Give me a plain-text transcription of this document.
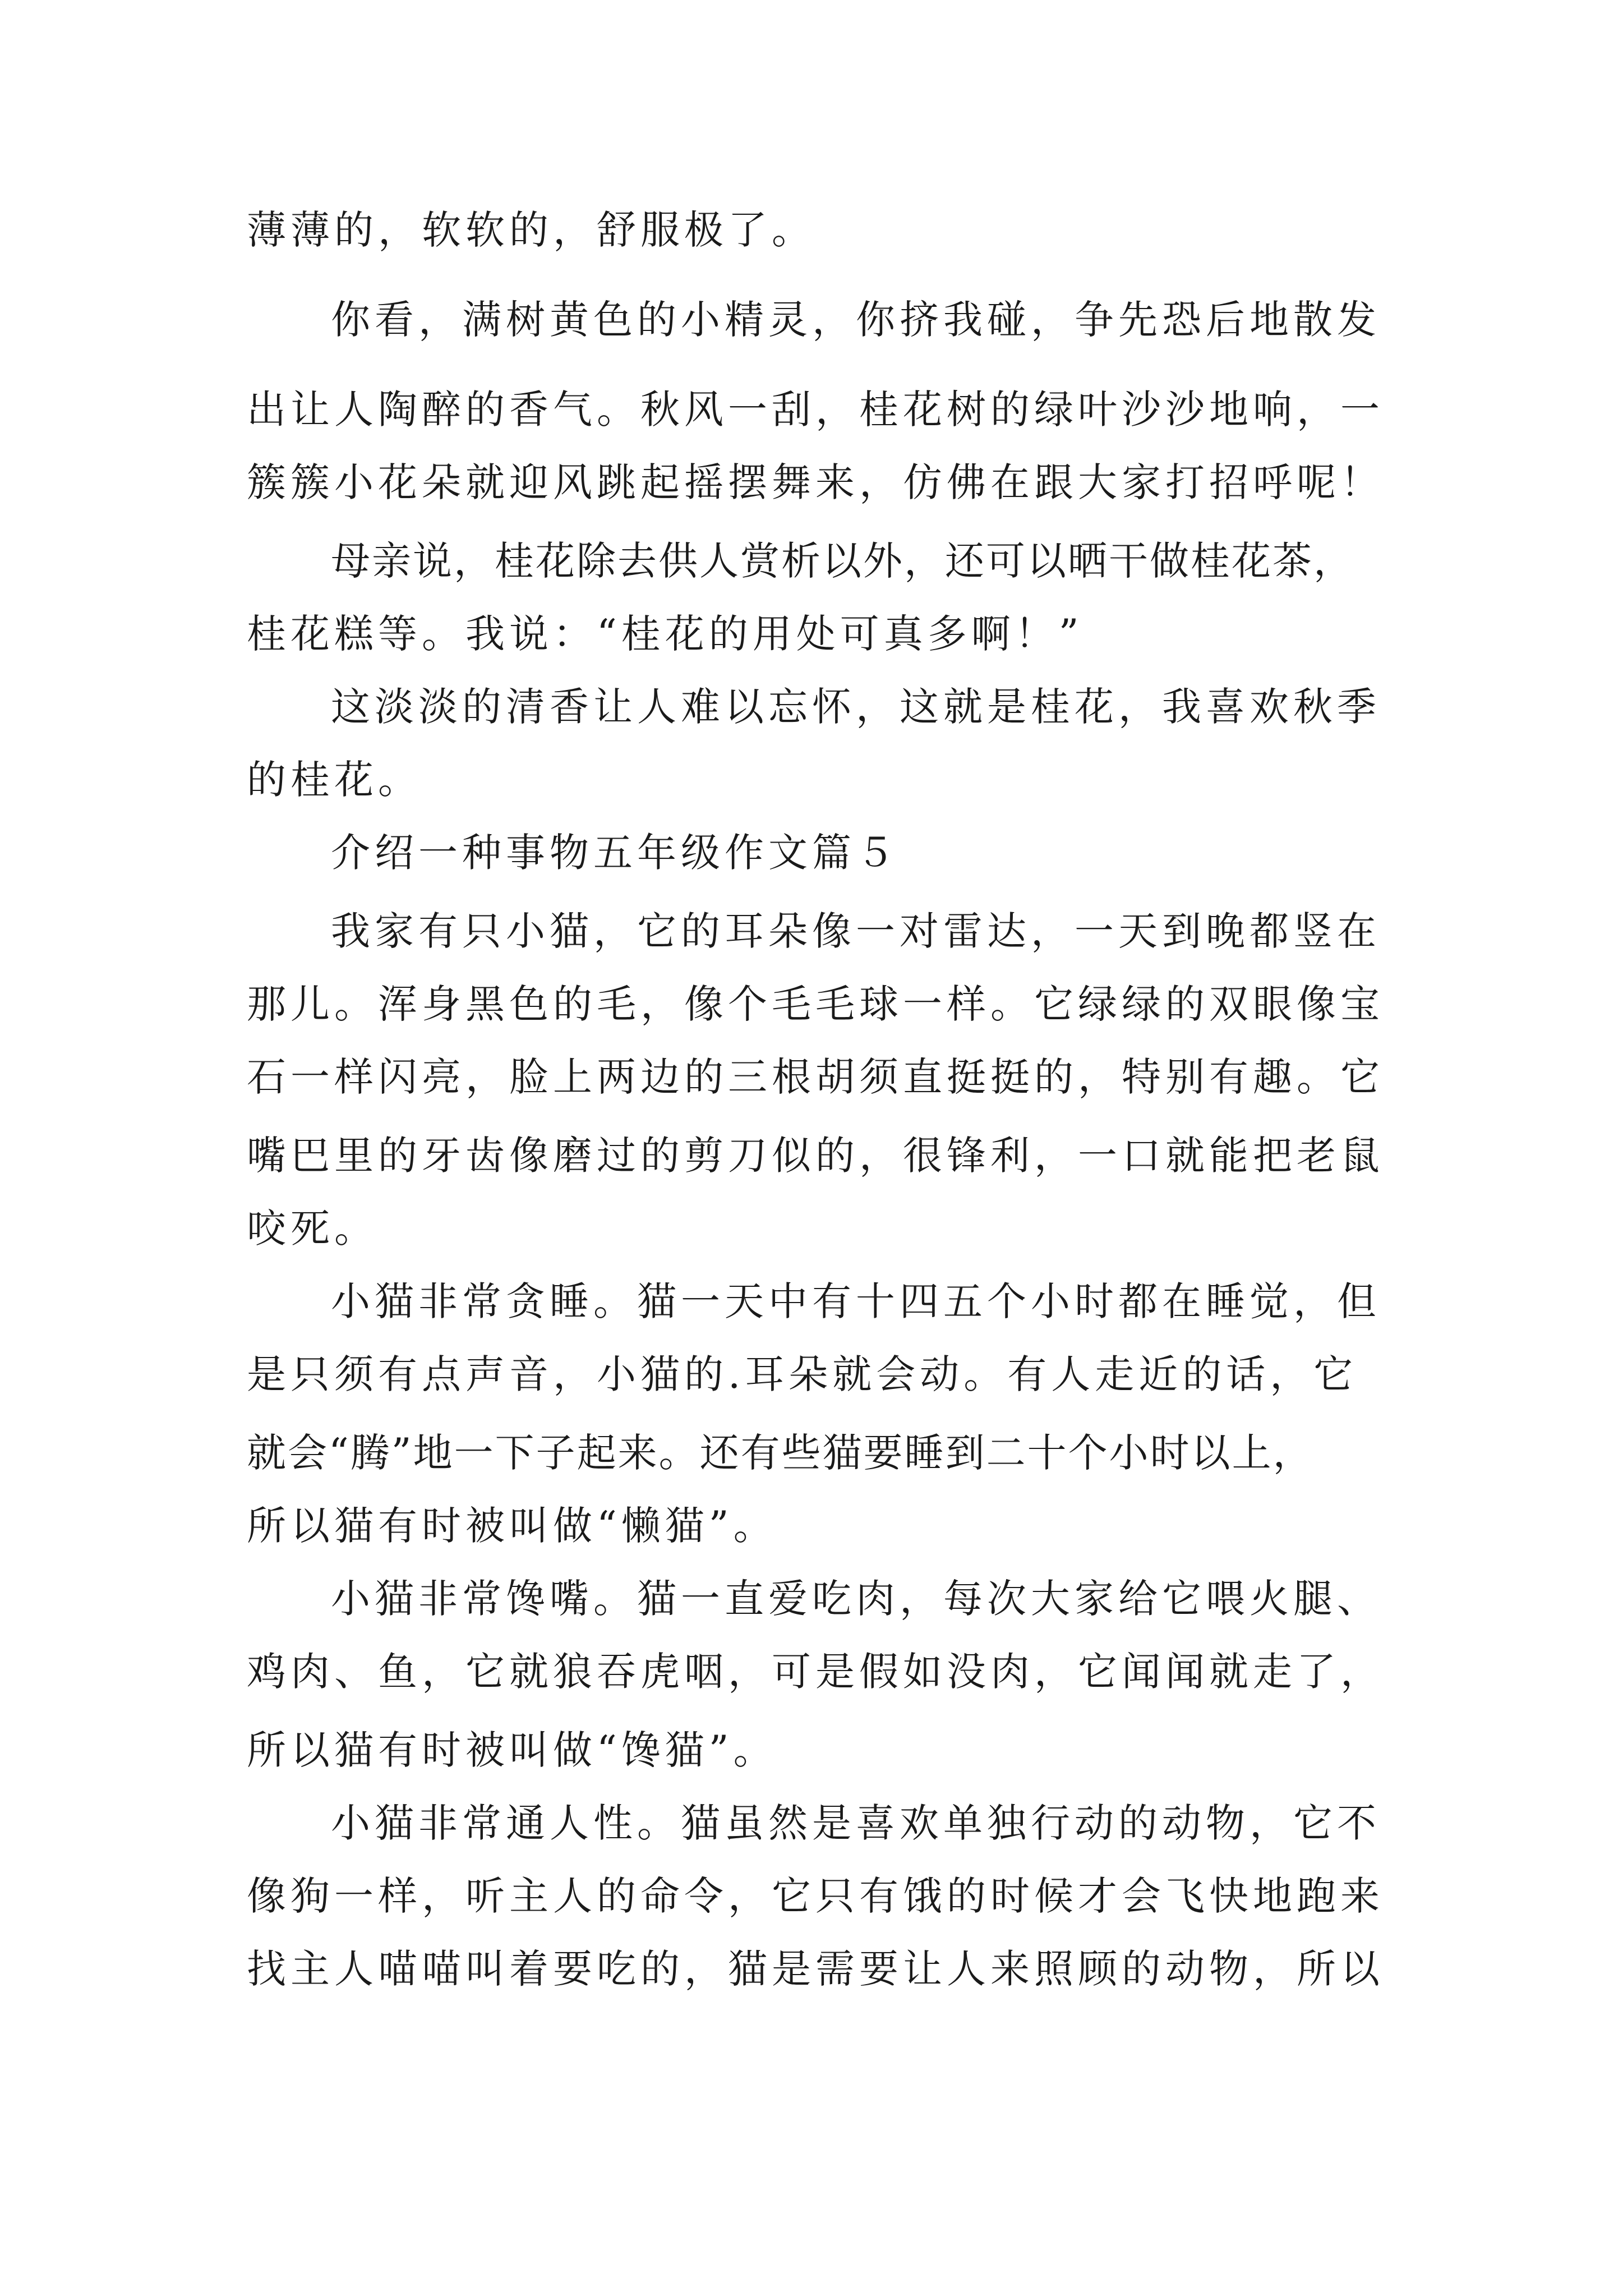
薄薄的，软软的，舒服极了。

你看，满树黄色的小精灵，你挤我碰，争先恐后地散发

出让人陶醉的香气。秋风一刮，桂花树的绿叶沙沙地响，一

簇簇小花朵就迎风跳起摇摆舞来，仿佛在跟大家打招呼呢！

母亲说，桂花除去供人赏析以外，还可以晒干做桂花茶，

桂花糕等。我说：“桂花的用处可真多啊！”

这淡淡的清香让人难以忘怀，这就是桂花，我喜欢秋季

的桂花。

介绍一种事物五年级作文篇５

我家有只小猫，它的耳朵像一对雷达，一天到晚都竖在

那儿。浑身黑色的毛，像个毛毛球一样。它绿绿的双眼像宝

石一样闪亮，脸上两边的三根胡须直挺挺的，特别有趣。它

嘴巴里的牙齿像磨过的剪刀似的，很锋利，一口就能把老鼠

咬死。

小猫非常贪睡。猫一天中有十四五个小时都在睡觉，但

是只须有点声音，小猫的.耳朵就会动。有人走近的话，它

就会“腾”地一下子起来。还有些猫要睡到二十个小时以上，

所以猫有时被叫做“懒猫”。

小猫非常馋嘴。猫一直爱吃肉，每次大家给它喂火腿、

鸡肉、鱼，它就狼吞虎咽，可是假如没肉，它闻闻就走了，

所以猫有时被叫做“馋猫”。

小猫非常通人性。猫虽然是喜欢单独行动的动物，它不

像狗一样，听主人的命令，它只有饿的时候才会飞快地跑来

找主人喵喵叫着要吃的，猫是需要让人来照顾的动物，所以
